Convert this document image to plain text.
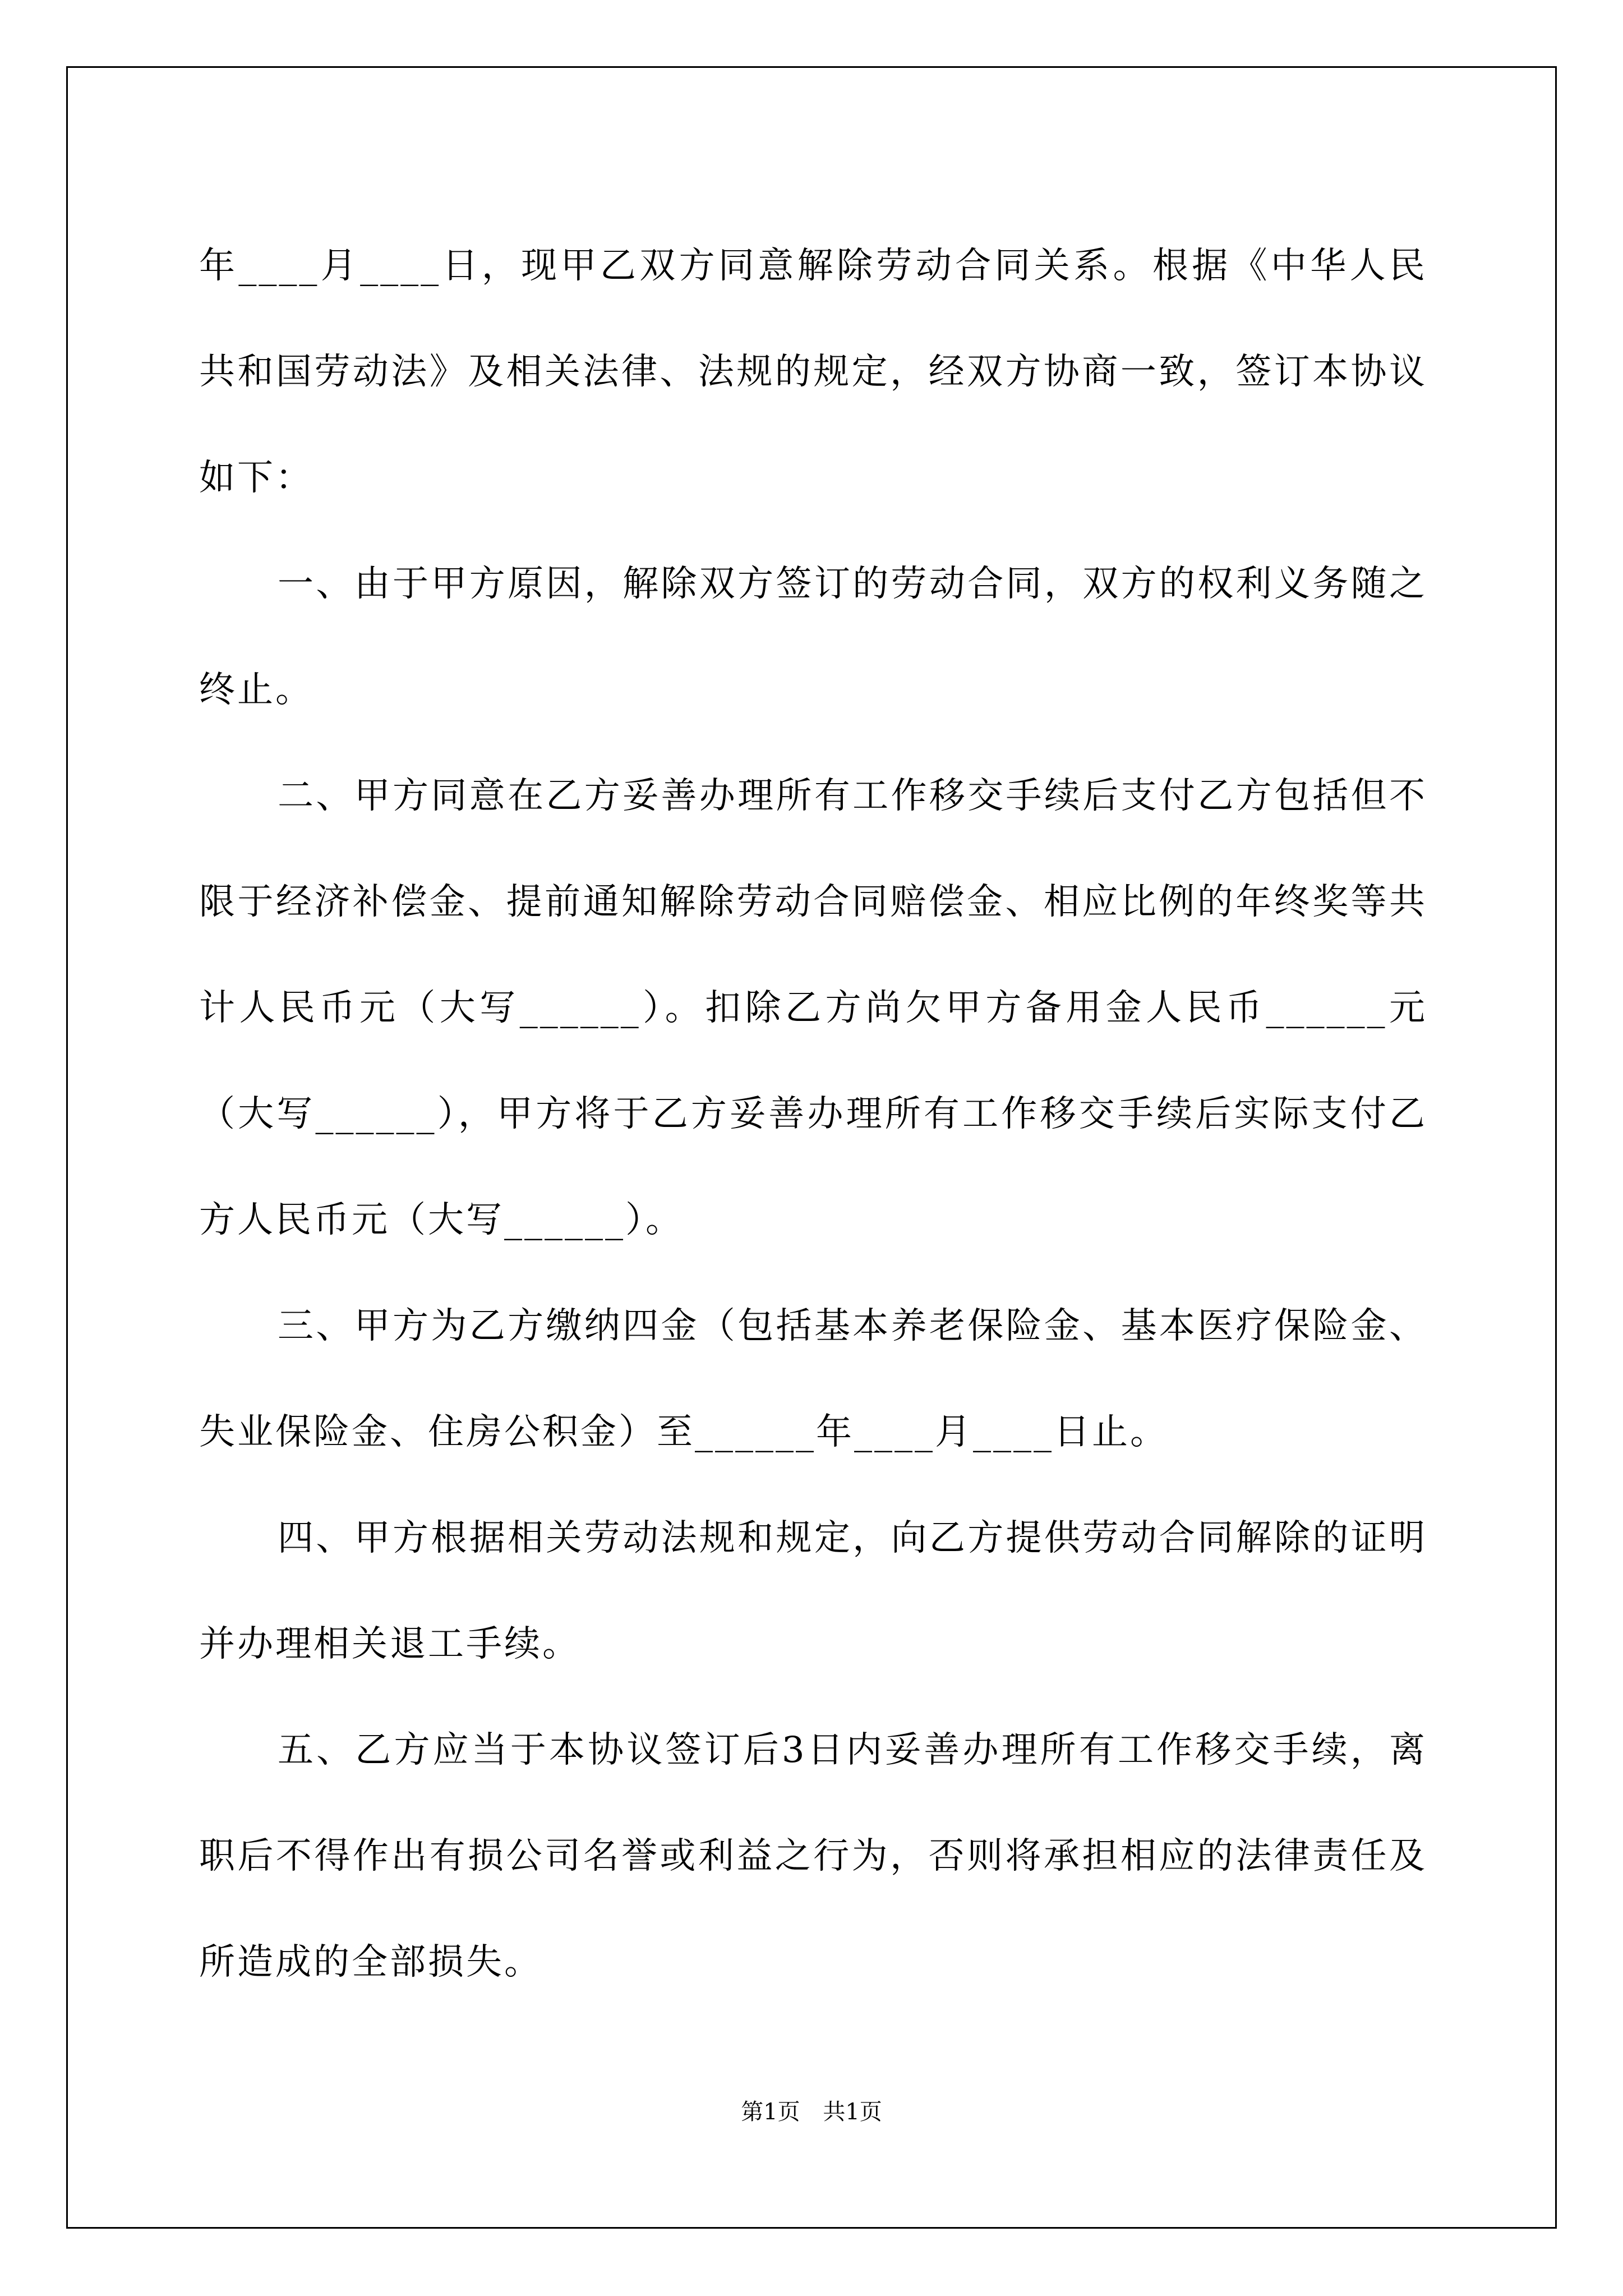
年____月____日，现甲乙双方同意解除劳动合同关系。根据《中华人民共和国劳动法》及相关法律、法规的规定，经双方协商一致，签订本协议如下：

一、由于甲方原因，解除双方签订的劳动合同，双方的权利义务随之终止。

二、甲方同意在乙方妥善办理所有工作移交手续后支付乙方包括但不限于经济补偿金、提前通知解除劳动合同赔偿金、相应比例的年终奖等共计人民币元（大写______）。扣除乙方尚欠甲方备用金人民币______元（大写______），甲方将于乙方妥善办理所有工作移交手续后实际支付乙方人民币元（大写______）。

三、甲方为乙方缴纳四金（包括基本养老保险金、基本医疗保险金、失业保险金、住房公积金）至______年____月____日止。

四、甲方根据相关劳动法规和规定，向乙方提供劳动合同解除的证明并办理相关退工手续。

五、乙方应当于本协议签订后3日内妥善办理所有工作移交手续，离职后不得作出有损公司名誉或利益之行为，否则将承担相应的法律责任及所造成的全部损失。

第1页 共1页
